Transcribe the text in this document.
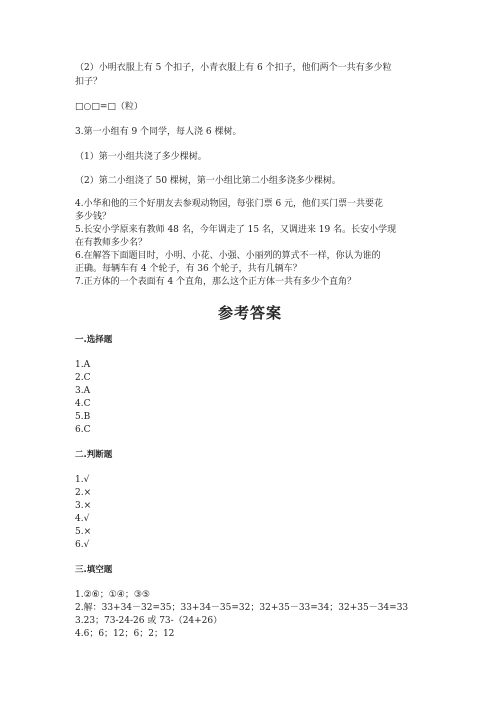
（2）小明衣服上有 5 个扣子，小青衣服上有 6 个扣子，他们两个一共有多少粒
扣子？
□○□=□（粒）
3.第一小组有 9 个同学，每人浇 6 棵树。
（1）第一小组共浇了多少棵树。
（2）第二小组浇了 50 棵树，第一小组比第二小组多浇多少棵树。
4.小华和他的三个好朋友去参观动物园，每张门票 6 元，他们买门票一共要花
多少钱？
5.长安小学原来有教师 48 名，今年调走了 15 名，又调进来 19 名。长安小学现
在有教师多少名？
6.在解答下面题目时，小明、小花、小强、小丽列的算式不一样，你认为谁的
正确。每辆车有 4 个轮子，有 36 个轮子，共有几辆车？
7.正方体的一个表面有 4 个直角，那么这个正方体一共有多少个直角？
参考答案
一.选择题
1.A
2.C
3.A
4.C
5.B
6.C
二.判断题
1.√
2.×
3.×
4.√
5.×
6.√
三.填空题
1.②⑥；①④；③⑤
2.解：33+34－32=35；33+34－35=32；32+35－33=34；32+35－34=33
3.23；73-24-26 或 73-（24+26）
4.6；6；12；6；2；12
